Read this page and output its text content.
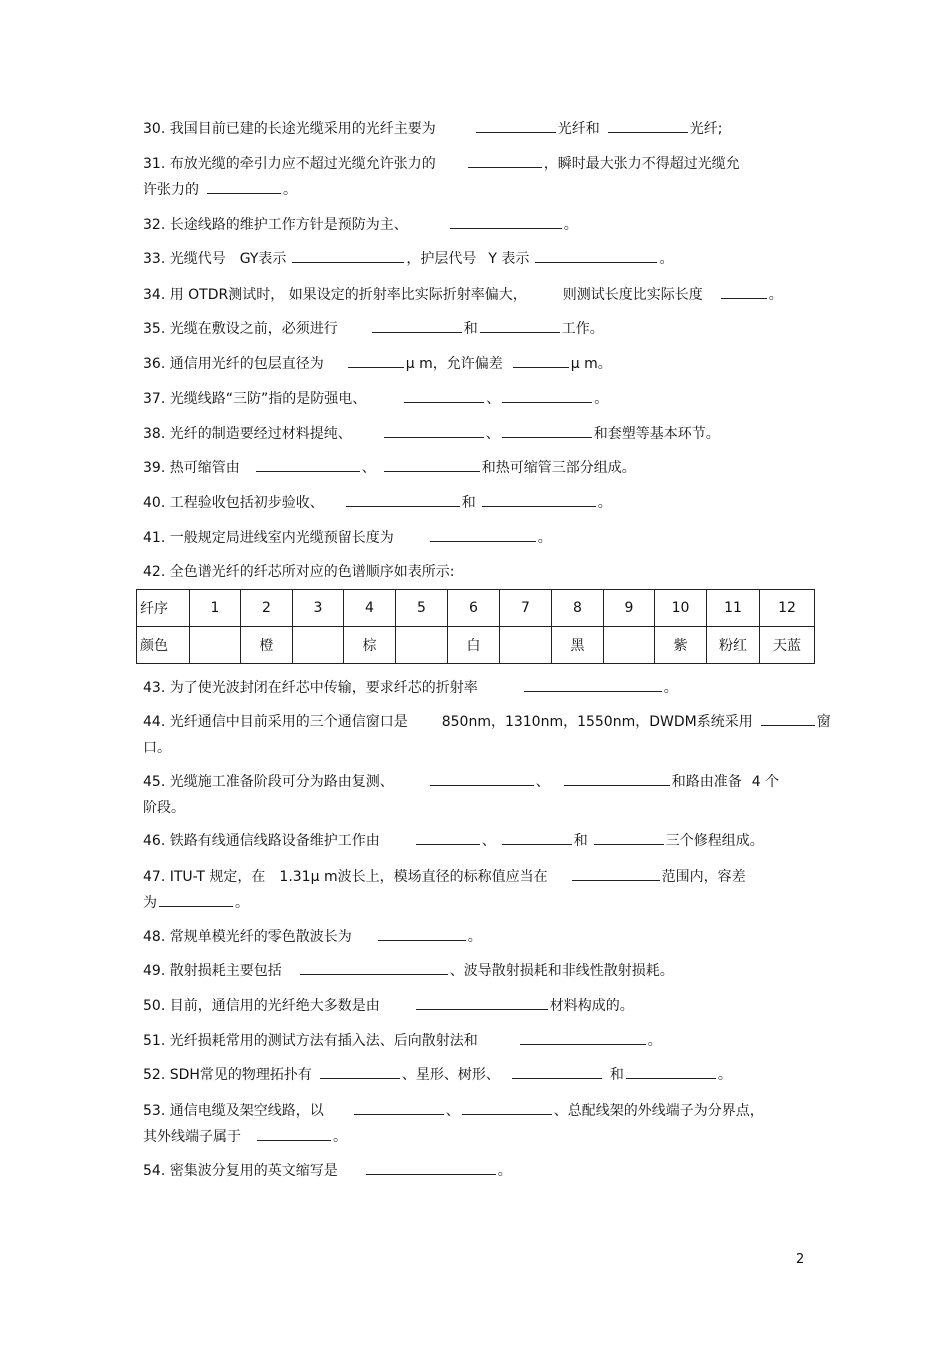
30. 我国目前已建的长途光缆采用的光纤主要为	光纤和	光纤;
31. 布放光缆的牵引力应不超过光缆允许张力的	，瞬时最大张力不得超过光缆允
许张力的	。
32. 长途线路的维护工作方针是预防为主、	。
33. 光缆代号 GY表示	，护层代号 Y 表示	。
34. 用 OTDR测试时， 如果设定的折射率比实际折射率偏大，	则测试长度比实际长度	。
35. 光缆在敷设之前，必须进行	和	工作。
36. 通信用光纤的包层直径为	μ m，允许偏差	μ m。
37. 光缆线路“三防”指的是防强电、	、	。
38. 光纤的制造要经过材料提纯、	、	和套塑等基本环节。
39. 热可缩管由	、	和热可缩管三部分组成。
40. 工程验收包括初步验收、	和	。
41. 一般规定局进线室内光缆预留长度为	。
42. 全色谱光纤的纤芯所对应的色谱顺序如表所示:
纤序	1	2	3	4	5	6	7	8	9	10	11	12
颜色		橙		棕		白		黑		紫	粉红	天蓝
43. 为了使光波封闭在纤芯中传输，要求纤芯的折射率	。
44. 光纤通信中目前采用的三个通信窗口是 850nm，1310nm，1550nm，DWDM系统采用	窗
口。
45. 光缆施工准备阶段可分为路由复测、	、	和路由准备 4 个
阶段。
46. 铁路有线通信线路设备维护工作由	、	和	三个修程组成。
47. ITU-T 规定，在 1.31μ m波长上，模场直径的标称值应当在	范围内，容差
为	。
48. 常规单模光纤的零色散波长为	。
49. 散射损耗主要包括	、波导散射损耗和非线性散射损耗。
50. 目前，通信用的光纤绝大多数是由	材料构成的。
51. 光纤损耗常用的测试方法有插入法、后向散射法和	。
52. SDH常见的物理拓扑有	、星形、树形、	和	。
53. 通信电缆及架空线路，以	、	、总配线架的外线端子为分界点，
其外线端子属于	。
54. 密集波分复用的英文缩写是	。
2
